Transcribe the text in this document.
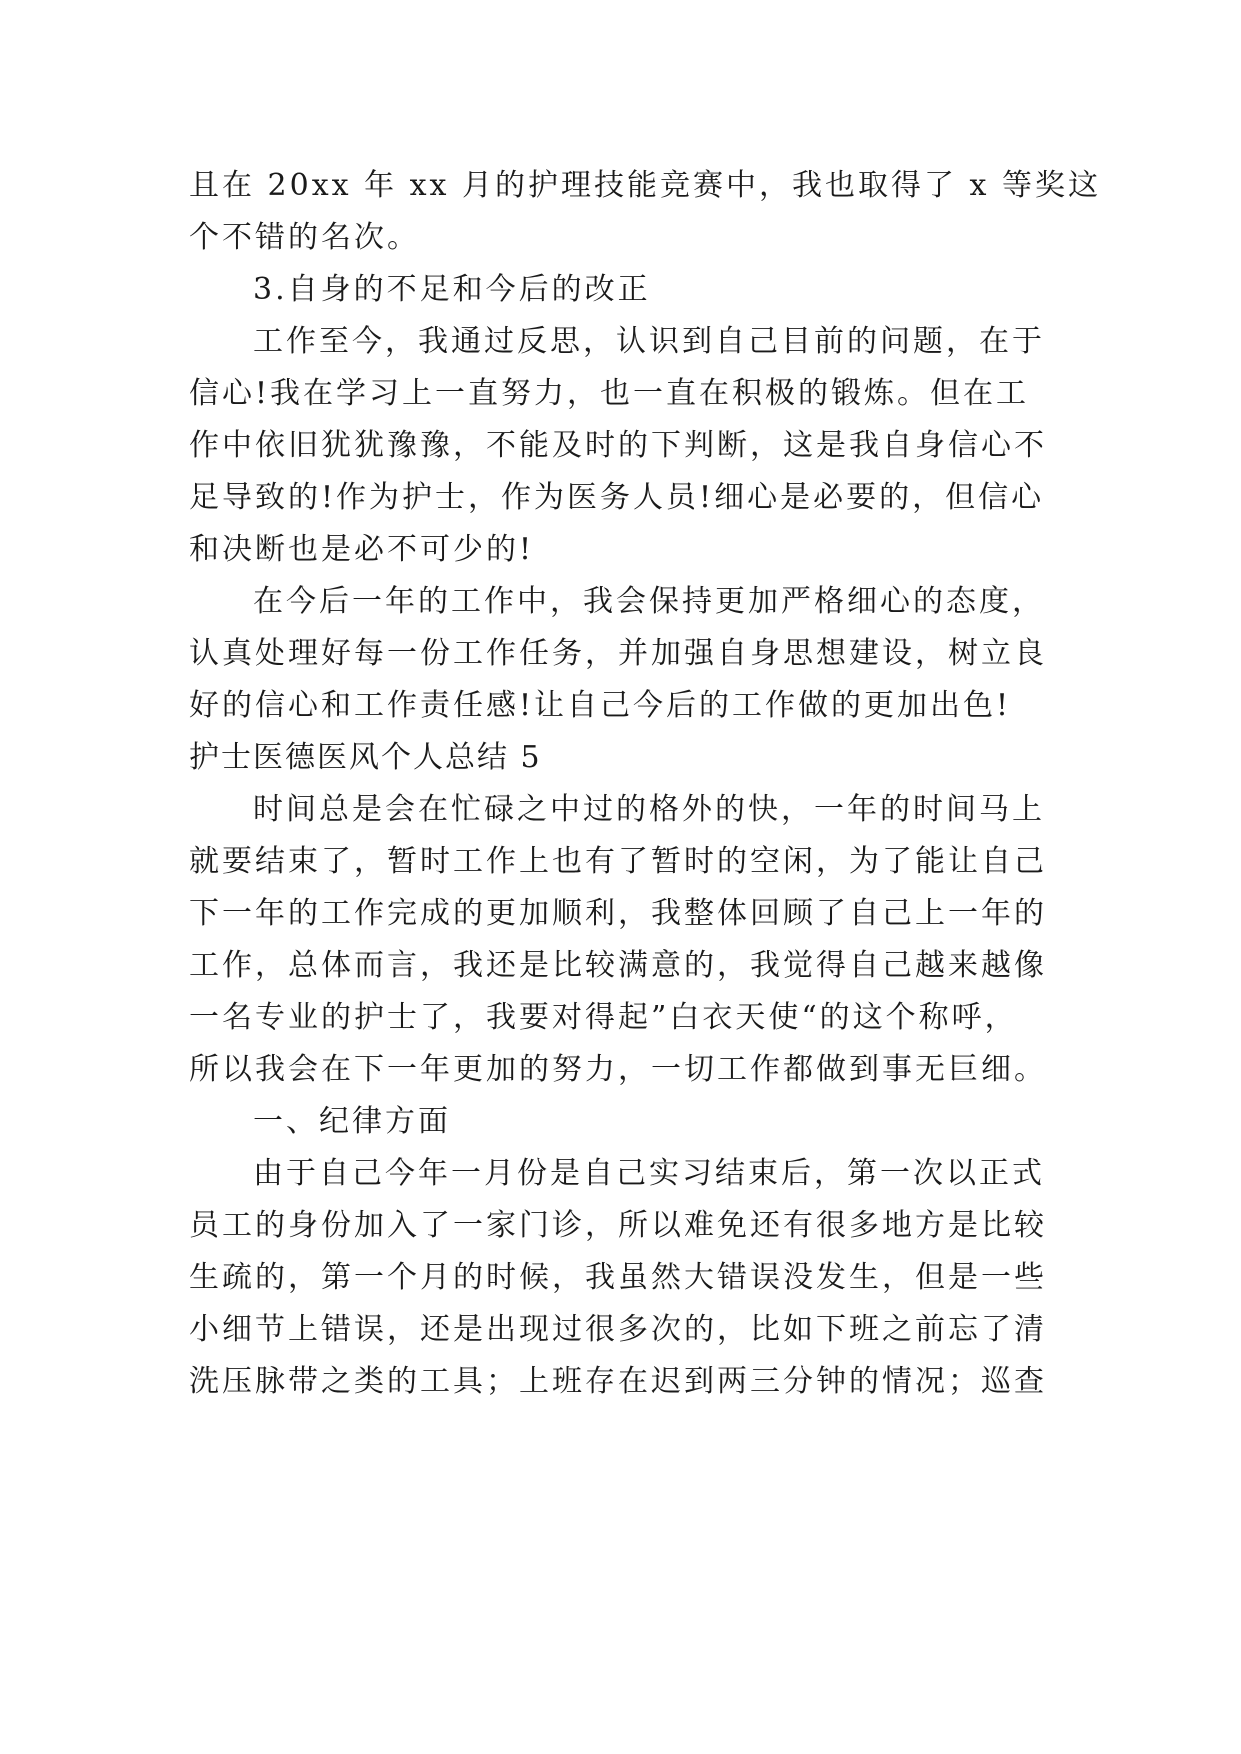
且在 20xx 年 xx 月的护理技能竞赛中，我也取得了 x 等奖这
个不错的名次。
3.自身的不足和今后的改正
工作至今，我通过反思，认识到自己目前的问题，在于
信心!我在学习上一直努力，也一直在积极的锻炼。但在工
作中依旧犹犹豫豫，不能及时的下判断，这是我自身信心不
足导致的!作为护士，作为医务人员!细心是必要的，但信心
和决断也是必不可少的!
在今后一年的工作中，我会保持更加严格细心的态度，
认真处理好每一份工作任务，并加强自身思想建设，树立良
好的信心和工作责任感!让自己今后的工作做的更加出色!
护士医德医风个人总结 5
时间总是会在忙碌之中过的格外的快，一年的时间马上
就要结束了，暂时工作上也有了暂时的空闲，为了能让自己
下一年的工作完成的更加顺利，我整体回顾了自己上一年的
工作，总体而言，我还是比较满意的，我觉得自己越来越像
一名专业的护士了，我要对得起”白衣天使“的这个称呼，
所以我会在下一年更加的努力，一切工作都做到事无巨细。
一、纪律方面
由于自己今年一月份是自己实习结束后，第一次以正式
员工的身份加入了一家门诊，所以难免还有很多地方是比较
生疏的，第一个月的时候，我虽然大错误没发生，但是一些
小细节上错误，还是出现过很多次的，比如下班之前忘了清
洗压脉带之类的工具；上班存在迟到两三分钟的情况；巡查
